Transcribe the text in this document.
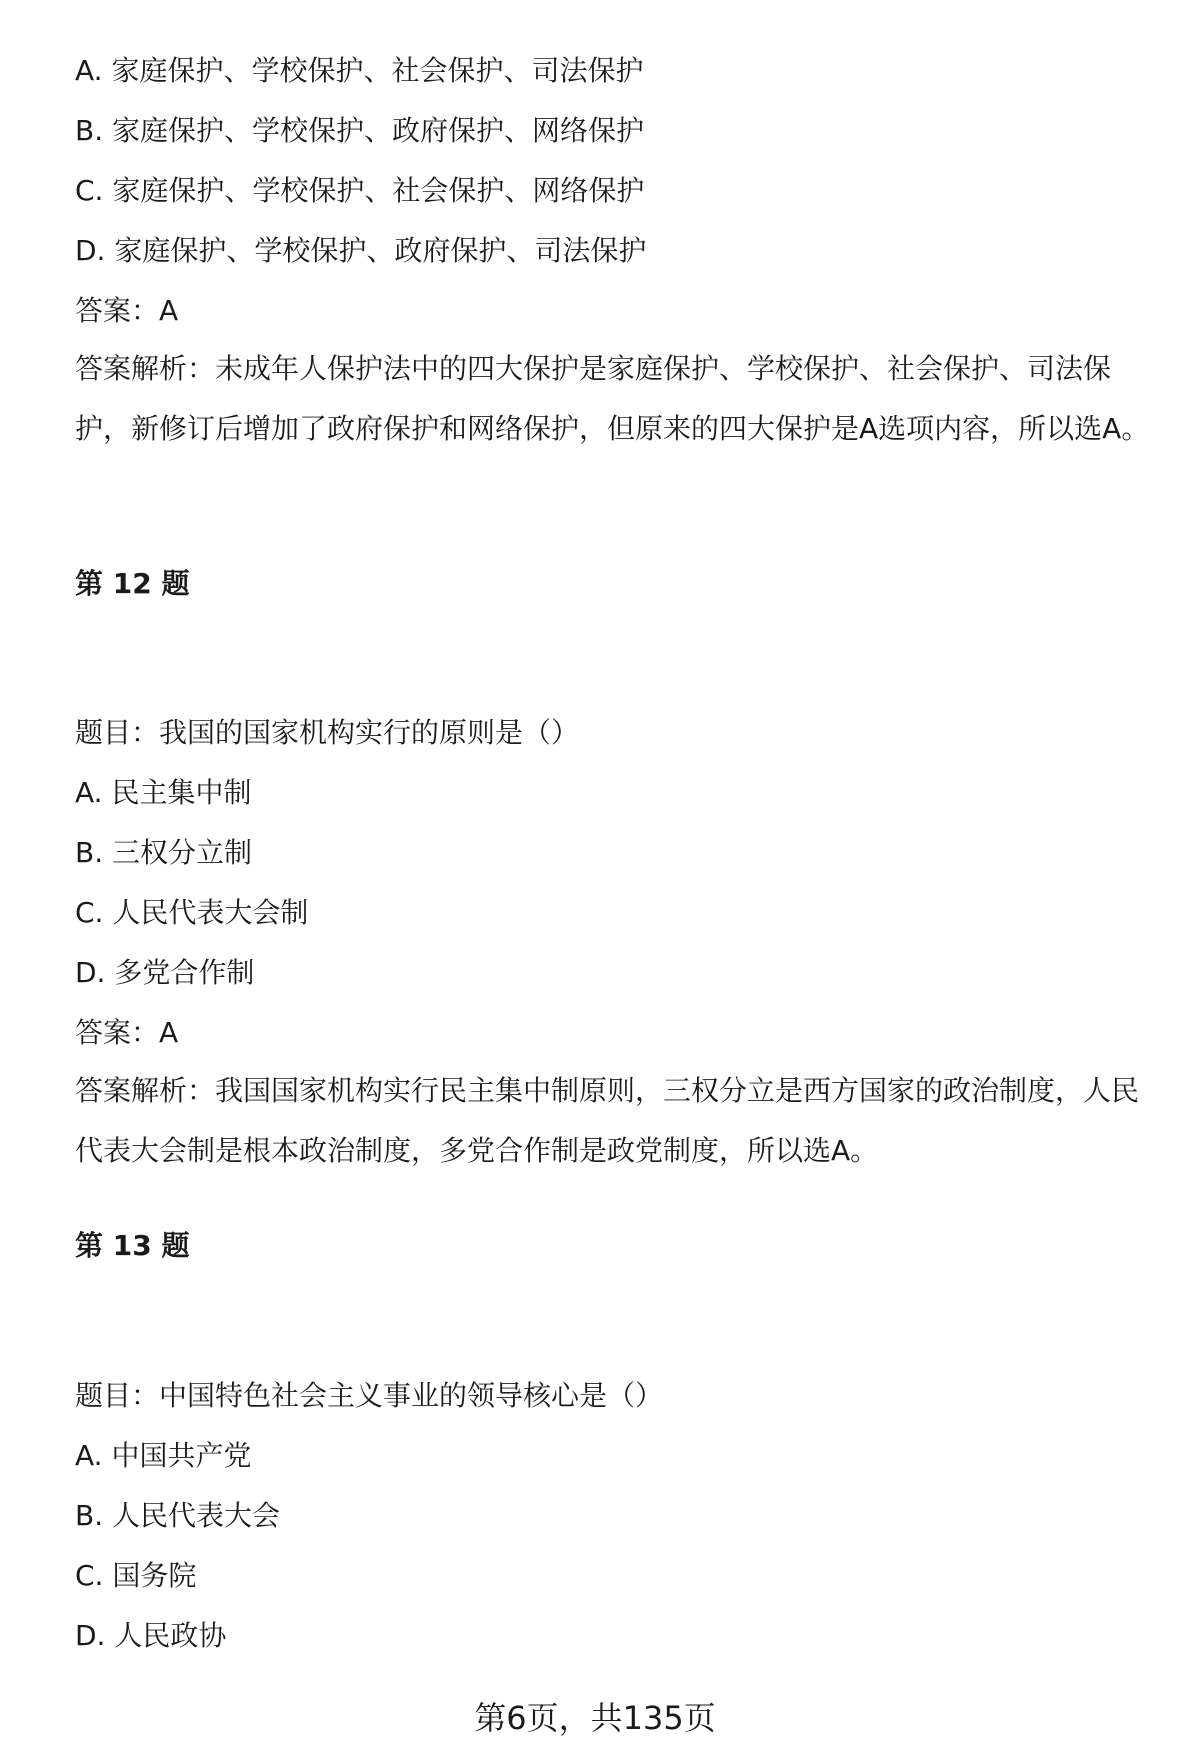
A. 家庭保护、学校保护、社会保护、司法保护
B. 家庭保护、学校保护、政府保护、网络保护
C. 家庭保护、学校保护、社会保护、网络保护
D. 家庭保护、学校保护、政府保护、司法保护
答案：A
答案解析：未成年人保护法中的四大保护是家庭保护、学校保护、社会保护、司法保护，新修订后增加了政府保护和网络保护，但原来的四大保护是A选项内容，所以选A。
第 12 题
题目：我国的国家机构实行的原则是（）
A. 民主集中制
B. 三权分立制
C. 人民代表大会制
D. 多党合作制
答案：A
答案解析：我国国家机构实行民主集中制原则，三权分立是西方国家的政治制度，人民代表大会制是根本政治制度，多党合作制是政党制度，所以选A。
第 13 题
题目：中国特色社会主义事业的领导核心是（）
A. 中国共产党
B. 人民代表大会
C. 国务院
D. 人民政协
第6页，共135页
